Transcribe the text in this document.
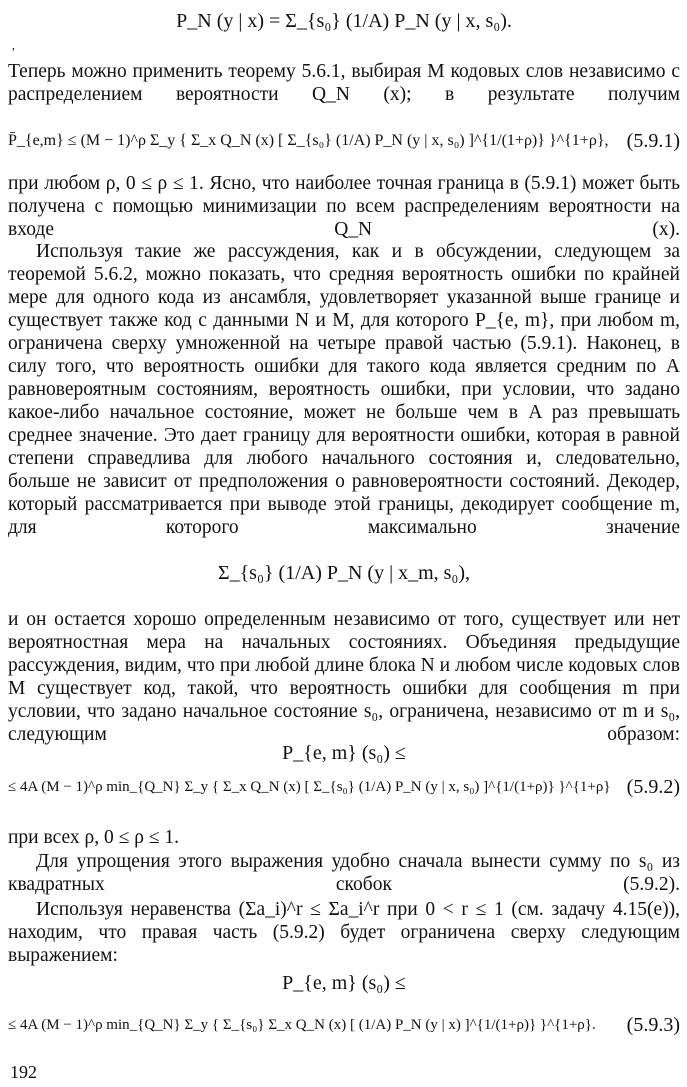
,
P_N (y | x) = Σ_{s₀} (1/A) P_N (y | x, s₀).
Теперь можно применить теорему 5.6.1, выбирая M кодовых слов независимо с распределением вероятности Q_N (x); в результате получим
P̄_{e,m} ≤ (M − 1)^ρ Σ_y { Σ_x Q_N (x) [ Σ_{s₀} (1/A) P_N (y | x, s₀) ]^{1/(1+ρ)} }^{1+ρ}, (5.9.1)
при любом ρ, 0 ≤ ρ ≤ 1. Ясно, что наиболее точная граница в (5.9.1) может быть получена с помощью минимизации по всем распределениям вероятности на входе Q_N (x).
Используя такие же рассуждения, как и в обсуждении, следующем за теоремой 5.6.2, можно показать, что средняя вероятность ошибки по крайней мере для одного кода из ансамбля, удовлетворяет указанной выше границе и существует также код с данными N и M, для которого P_{e, m}, при любом m, ограничена сверху умноженной на четыре правой частью (5.9.1). Наконец, в силу того, что вероятность ошибки для такого кода является средним по A равновероятным состояниям, вероятность ошибки, при условии, что задано какое-либо начальное состояние, может не больше чем в A раз превышать среднее значение. Это дает границу для вероятности ошибки, которая в равной степени справедлива для любого начального состояния и, следовательно, больше не зависит от предположения о равновероятности состояний. Декодер, который рассматривается при выводе этой границы, декодирует сообщение m, для которого максимально значение
Σ_{s₀} (1/A) P_N (y | x_m, s₀),
и он остается хорошо определенным независимо от того, существует или нет вероятностная мера на начальных состояниях. Объединяя предыдущие рассуждения, видим, что при любой длине блока N и любом числе кодовых слов M существует код, такой, что вероятность ошибки для сообщения m при условии, что задано начальное состояние s₀, ограничена, независимо от m и s₀, следующим образом:
P_{e, m} (s₀) ≤
≤ 4A (M − 1)^ρ min_{Q_N} Σ_y { Σ_x Q_N (x) [ Σ_{s₀} (1/A) P_N (y | x, s₀) ]^{1/(1+ρ)} }^{1+ρ} (5.9.2)
при всех ρ, 0 ≤ ρ ≤ 1.
Для упрощения этого выражения удобно сначала вынести сумму по s₀ из квадратных скобок (5.9.2).
Используя неравенства (Σa_i)^r ≤ Σa_i^r при 0 < r ≤ 1 (см. задачу 4.15(е)), находим, что правая часть (5.9.2) будет ограничена сверху следующим выражением:
P_{e, m} (s₀) ≤
≤ 4A (M − 1)^ρ min_{Q_N} Σ_y { Σ_{s₀} Σ_x Q_N (x) [ (1/A) P_N (y | x) ]^{1/(1+ρ)} }^{1+ρ}. (5.9.3)
192
